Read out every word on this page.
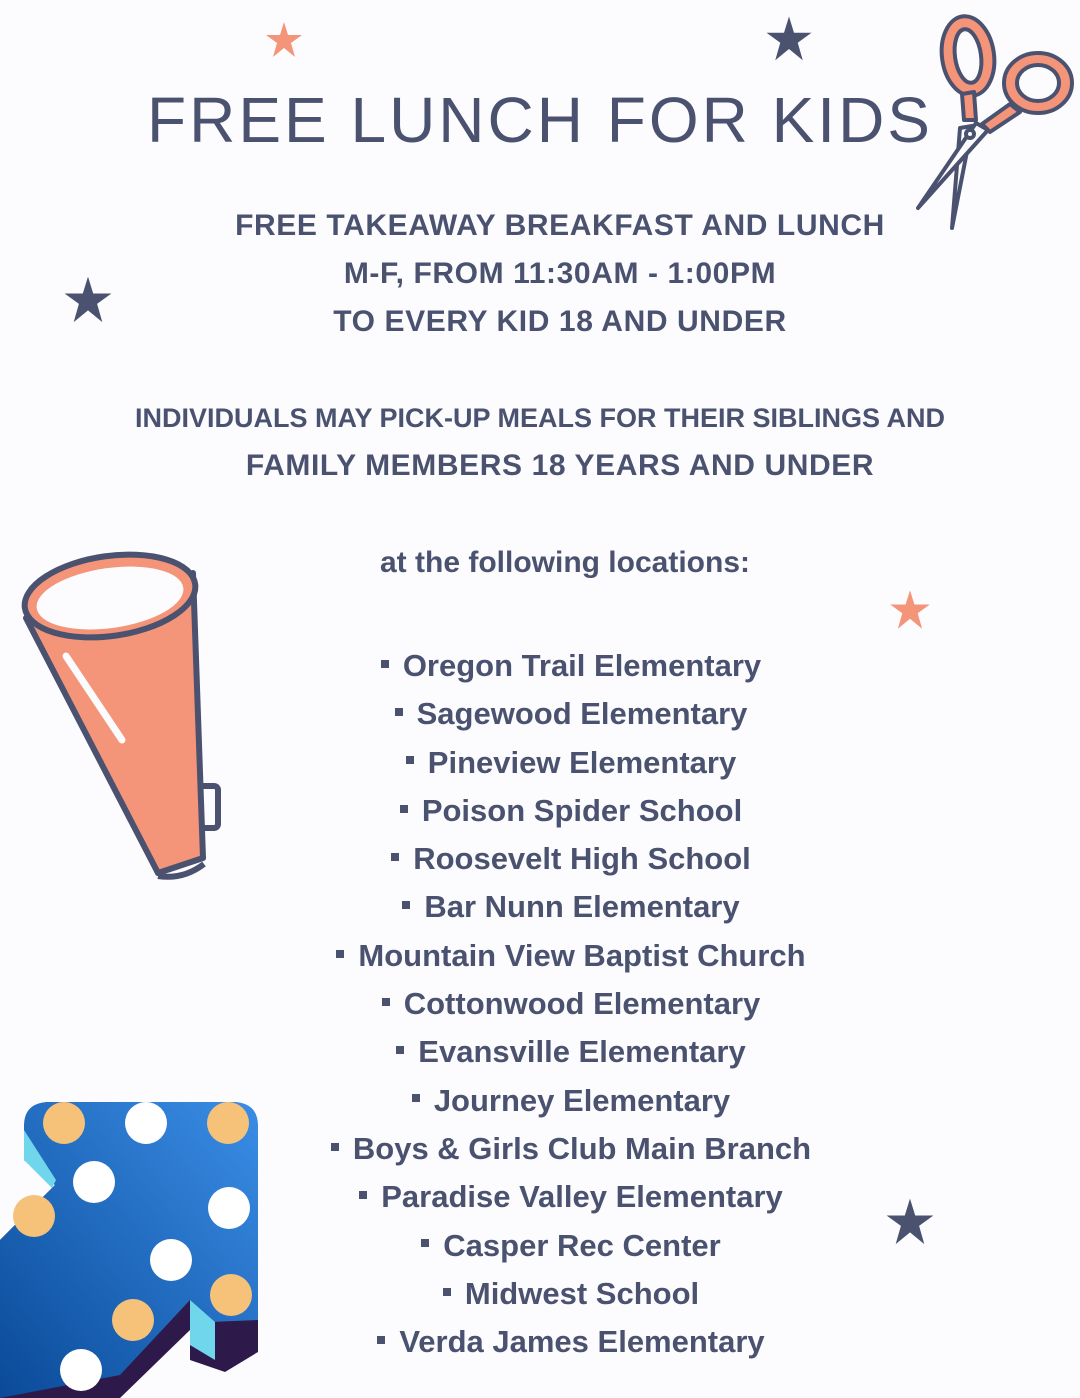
FREE LUNCH FOR KIDS
FREE TAKEAWAY BREAKFAST AND LUNCH
M-F, FROM 11:30AM - 1:00PM
TO EVERY KID 18 AND UNDER
INDIVIDUALS MAY PICK-UP MEALS FOR THEIR SIBLINGS AND
FAMILY MEMBERS 18 YEARS AND UNDER
at the following locations:
Oregon Trail Elementary
Sagewood Elementary
Pineview Elementary
Poison Spider School
Roosevelt High School
Bar Nunn Elementary
Mountain View Baptist Church
Cottonwood Elementary
Evansville Elementary
Journey Elementary
Boys & Girls Club Main Branch
Paradise Valley Elementary
Casper Rec Center
Midwest School
Verda James Elementary
